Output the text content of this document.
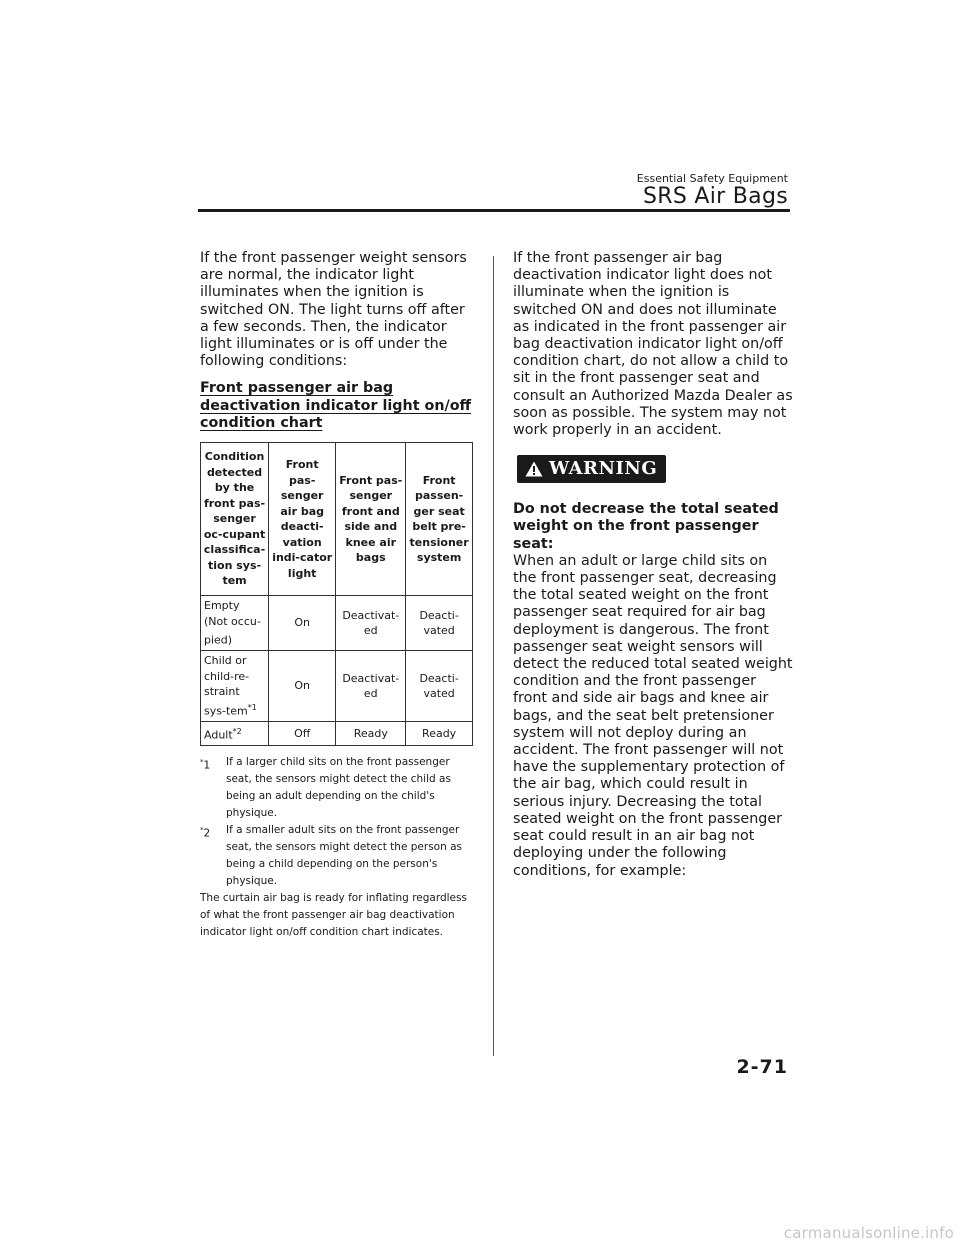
Essential Safety Equipment
SRS Air Bags

If the front passenger weight sensors are normal, the indicator light illuminates when the ignition is switched ON. The light turns off after a few seconds. Then, the indicator light illuminates or is off under the following conditions:

Front passenger air bag deactivation indicator light on/off condition chart

Condition detected by the front pas-senger oc-cupant classifica-tion sys-tem	Front pas-senger air bag deacti-vation indi-cator light	Front pas-senger front and side and knee air bags	Front passen-ger seat belt pre-tensioner system
Empty (Not occu-pied)	On	Deactivat-ed	Deacti-vated
Child or child-re-straint sys-tem$^{*1}$	On	Deactivat-ed	Deacti-vated
Adult$^{*2}$	Off	Ready	Ready
*1 If a larger child sits on the front passenger seat, the sensors might detect the child as being an adult depending on the child's physique.
*2 If a smaller adult sits on the front passenger seat, the sensors might detect the person as being a child depending on the person's physique.
The curtain air bag is ready for inflating regardless of what the front passenger air bag deactivation indicator light on/off condition chart indicates.

If the front passenger air bag deactivation indicator light does not illuminate when the ignition is switched ON and does not illuminate as indicated in the front passenger air bag deactivation indicator light on/off condition chart, do not allow a child to sit in the front passenger seat and consult an Authorized Mazda Dealer as soon as possible. The system may not work properly in an accident.

WARNING

Do not decrease the total seated weight on the front passenger seat:

When an adult or large child sits on the front passenger seat, decreasing the total seated weight on the front passenger seat required for air bag deployment is dangerous. The front passenger seat weight sensors will detect the reduced total seated weight condition and the front passenger front and side air bags and knee air bags, and the seat belt pretensioner system will not deploy during an accident. The front passenger will not have the supplementary protection of the air bag, which could result in serious injury. Decreasing the total seated weight on the front passenger seat could result in an air bag not deploying under the following conditions, for example:

2-71
carmanualsonline.info
